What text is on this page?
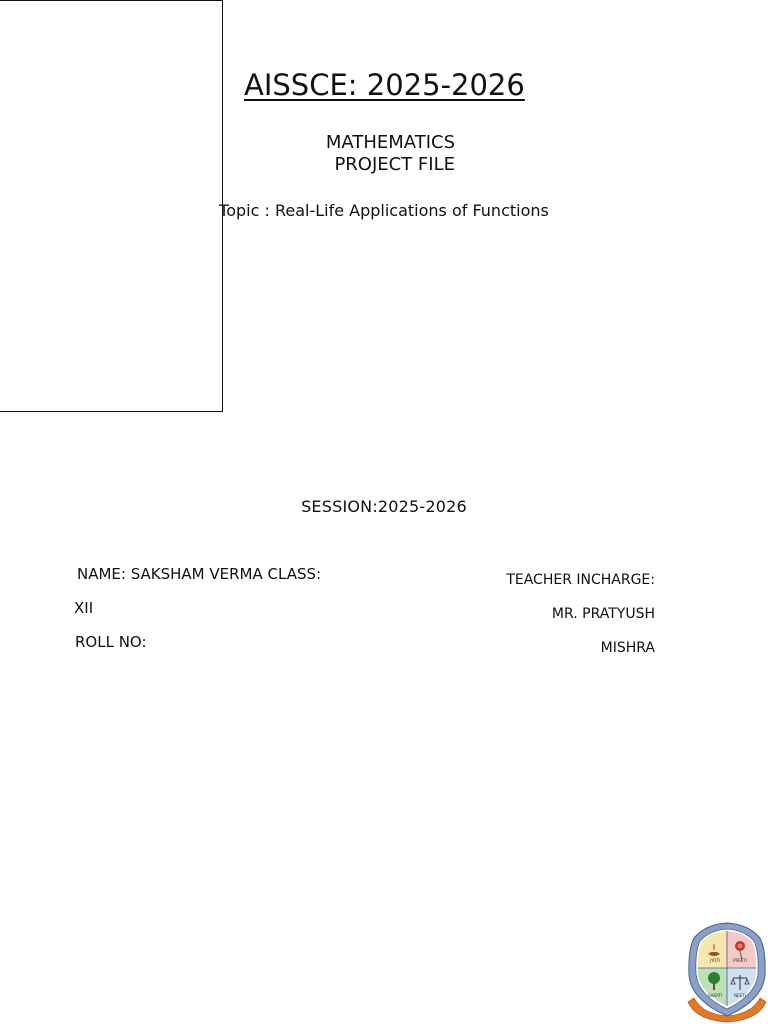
AISSCE: 2025-2026
MATHEMATICS
PROJECT FILE
Topic : Real-Life Applications of Functions
SESSION:2025-2026
NAME: SAKSHAM VERMA CLASS:
XII
ROLL NO:
TEACHER INCHARGE:
MR. PRATYUSH
MISHRA
JYOTI	PREETI
SARATI	NEETI
